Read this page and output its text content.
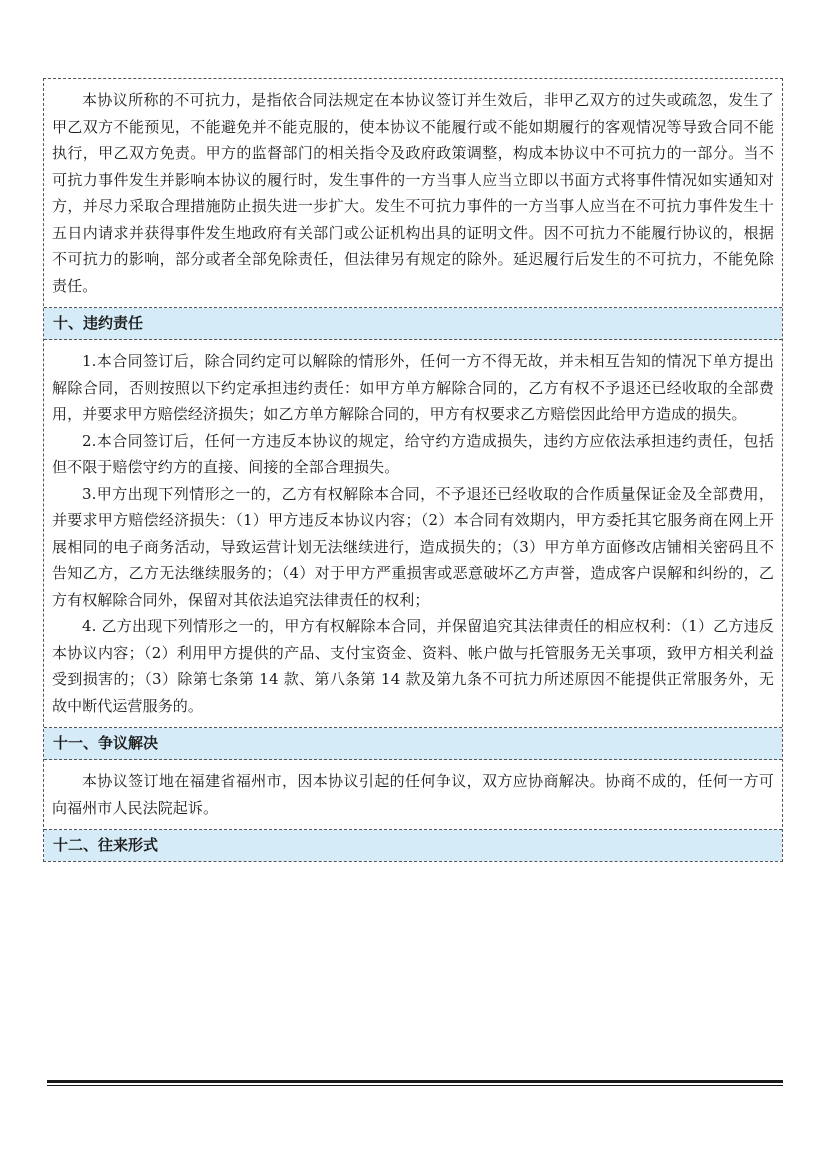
本协议所称的不可抗力，是指依合同法规定在本协议签订并生效后，非甲乙双方的过失或疏忽，发生了甲乙双方不能预见，不能避免并不能克服的，使本协议不能履行或不能如期履行的客观情况等导致合同不能执行，甲乙双方免责。甲方的监督部门的相关指令及政府政策调整，构成本协议中不可抗力的一部分。当不可抗力事件发生并影响本协议的履行时，发生事件的一方当事人应当立即以书面方式将事件情况如实通知对方，并尽力采取合理措施防止损失进一步扩大。发生不可抗力事件的一方当事人应当在不可抗力事件发生十五日内请求并获得事件发生地政府有关部门或公证机构出具的证明文件。因不可抗力不能履行协议的，根据不可抗力的影响，部分或者全部免除责任，但法律另有规定的除外。延迟履行后发生的不可抗力，不能免除责任。

十、违约责任

1.本合同签订后，除合同约定可以解除的情形外，任何一方不得无故，并未相互告知的情况下单方提出解除合同，否则按照以下约定承担违约责任：如甲方单方解除合同的，乙方有权不予退还已经收取的全部费用，并要求甲方赔偿经济损失；如乙方单方解除合同的，甲方有权要求乙方赔偿因此给甲方造成的损失。

2.本合同签订后，任何一方违反本协议的规定，给守约方造成损失，违约方应依法承担违约责任，包括但不限于赔偿守约方的直接、间接的全部合理损失。

3.甲方出现下列情形之一的，乙方有权解除本合同，不予退还已经收取的合作质量保证金及全部费用，并要求甲方赔偿经济损失：（1）甲方违反本协议内容；（2）本合同有效期内，甲方委托其它服务商在网上开展相同的电子商务活动，导致运营计划无法继续进行，造成损失的；（3）甲方单方面修改店铺相关密码且不告知乙方，乙方无法继续服务的；（4）对于甲方严重损害或恶意破坏乙方声誉，造成客户误解和纠纷的，乙方有权解除合同外，保留对其依法追究法律责任的权利；

4. 乙方出现下列情形之一的，甲方有权解除本合同，并保留追究其法律责任的相应权利：（1）乙方违反本协议内容；（2）利用甲方提供的产品、支付宝资金、资料、帐户做与托管服务无关事项，致甲方相关利益受到损害的；（3）除第七条第 14 款、第八条第 14 款及第九条不可抗力所述原因不能提供正常服务外，无故中断代运营服务的。

十一、争议解决

本协议签订地在福建省福州市，因本协议引起的任何争议，双方应协商解决。协商不成的，任何一方可向福州市人民法院起诉。

十二、往来形式
